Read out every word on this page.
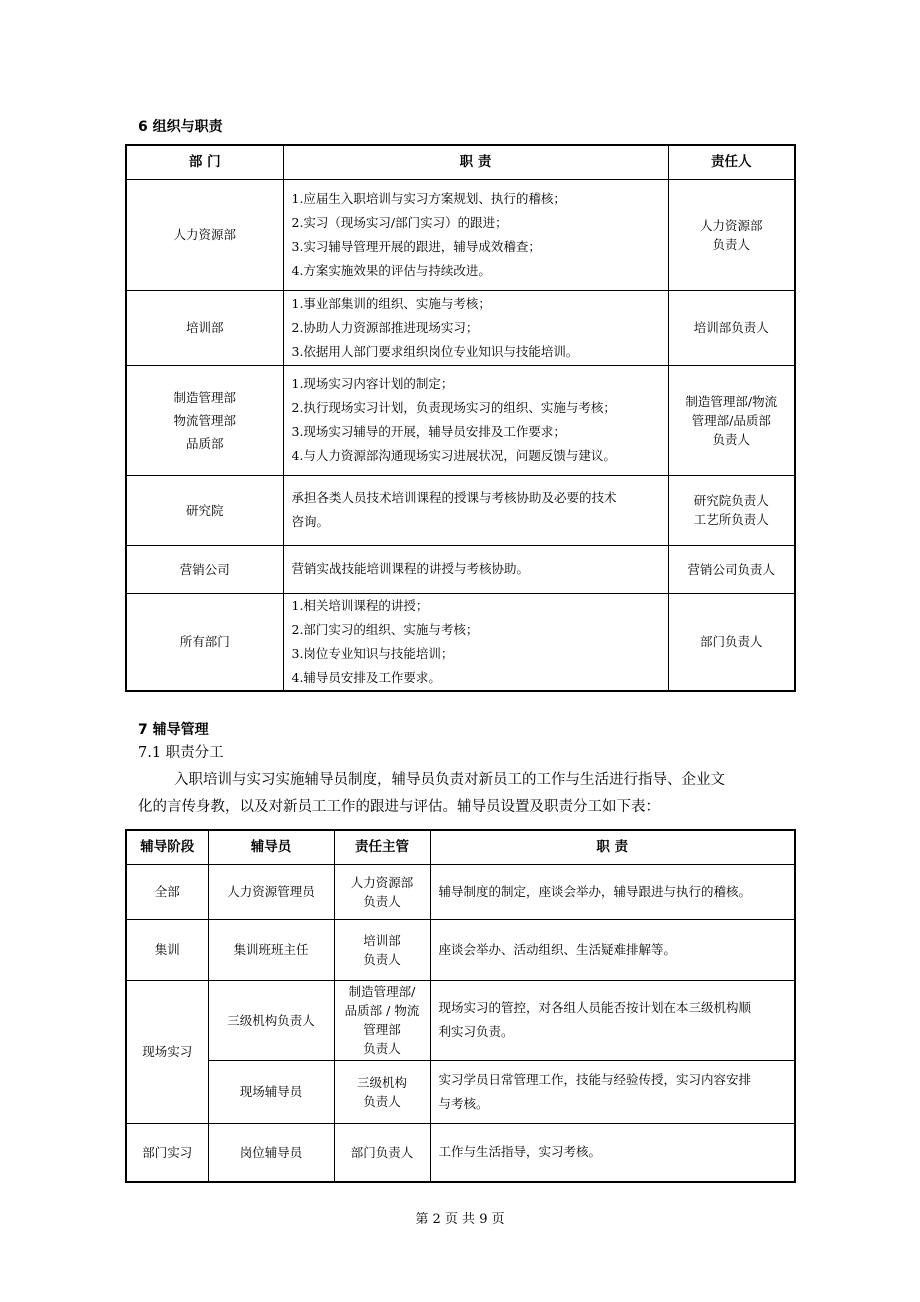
6 组织与职责
部 门	职 责	责任人

人力资源部	1.应届生入职培训与实习方案规划、执行的稽核；
2.实习（现场实习/部门实习）的跟进；
3.实习辅导管理开展的跟进，辅导成效稽查；
4.方案实施效果的评估与持续改进。	人力资源部
负责人

培训部	1.事业部集训的组织、实施与考核；
2.协助人力资源部推进现场实习；
3.依据用人部门要求组织岗位专业知识与技能培训。	培训部负责人

制造管理部
物流管理部
品质部	1.现场实习内容计划的制定；
2.执行现场实习计划，负责现场实习的组织、实施与考核；
3.现场实习辅导的开展，辅导员安排及工作要求；
4.与人力资源部沟通现场实习进展状况，问题反馈与建议。	制造管理部/物流
管理部/品质部
负责人

研究院	承担各类人员技术培训课程的授课与考核协助及必要的技术
咨询。	研究院负责人
工艺所负责人

营销公司	营销实战技能培训课程的讲授与考核协助。	营销公司负责人

所有部门	1.相关培训课程的讲授；
2.部门实习的组织、实施与考核；
3.岗位专业知识与技能培训；
4.辅导员安排及工作要求。	部门负责人
7 辅导管理
7.1 职责分工
入职培训与实习实施辅导员制度，辅导员负责对新员工的工作与生活进行指导、企业文
化的言传身教，以及对新员工工作的跟进与评估。辅导员设置及职责分工如下表：
辅导阶段	辅导员	责任主管	职 责
全部	人力资源管理员	人力资源部
负责人	辅导制度的制定，座谈会举办，辅导跟进与执行的稽核。

集训	集训班班主任	培训部
负责人	座谈会举办、活动组织、生活疑难排解等。

现场实习	三级机构负责人	制造管理部/
品质部 / 物流
管理部
负责人	现场实习的管控，对各组人员能否按计划在本三级机构顺
利实习负责。

	现场辅导员	三级机构
负责人	实习学员日常管理工作，技能与经验传授，实习内容安排
与考核。

部门实习	岗位辅导员	部门负责人	工作与生活指导，实习考核。
第 2 页 共 9 页
